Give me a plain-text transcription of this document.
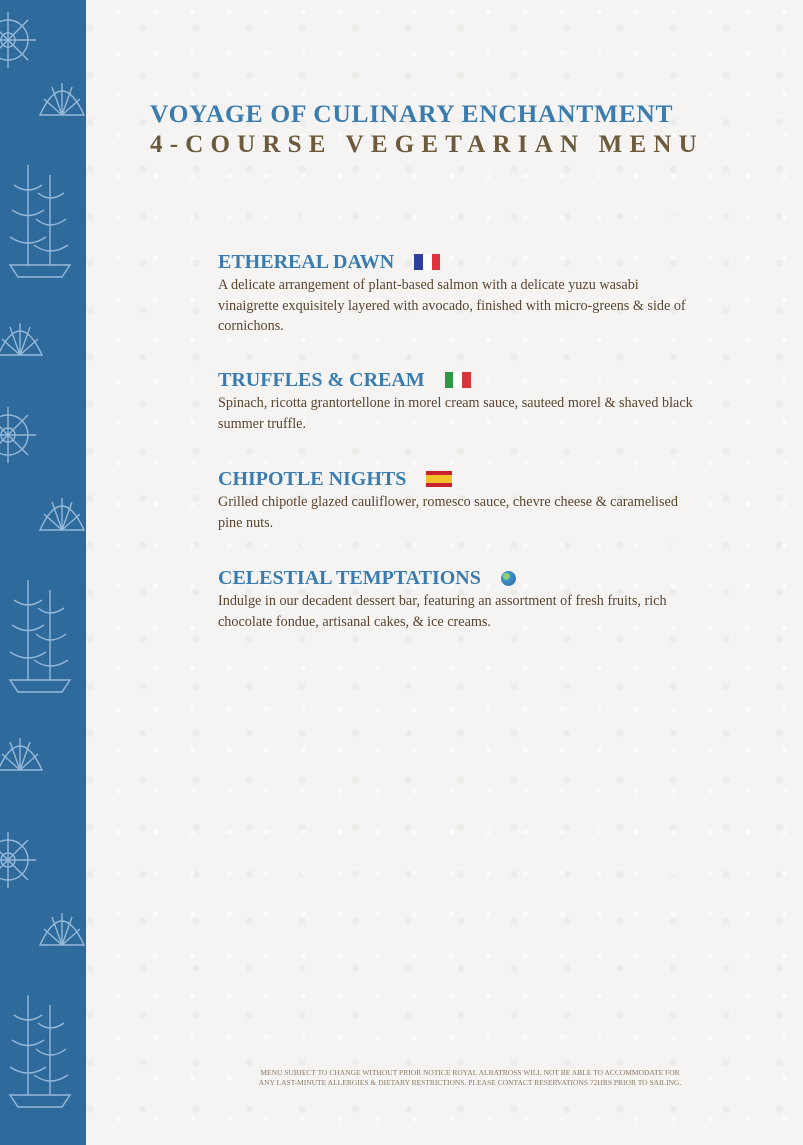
VOYAGE OF CULINARY ENCHANTMENT
4-COURSE VEGETARIAN MENU
ETHEREAL DAWN

A delicate arrangement of plant-based salmon with a delicate yuzu wasabi vinaigrette exquisitely layered with avocado, finished with micro-greens & side of cornichons.

TRUFFLES & CREAM

Spinach, ricotta grantortellone in morel cream sauce, sauteed morel & shaved black summer truffle.

CHIPOTLE NIGHTS

Grilled chipotle glazed cauliflower, romesco sauce, chevre cheese & caramelised pine nuts.

CELESTIAL TEMPTATIONS

Indulge in our decadent dessert bar, featuring an assortment of fresh fruits, rich chocolate fondue, artisanal cakes, & ice creams.

MENU SUBJECT TO CHANGE WITHOUT PRIOR NOTICE ROYAL ALBATROSS WILL NOT BE ABLE TO ACCOMMODATE FOR
ANY LAST-MINUTE ALLERGIES & DIETARY RESTRICTIONS. PLEASE CONTACT RESERVATIONS 72HRS PRIOR TO SAILING.
